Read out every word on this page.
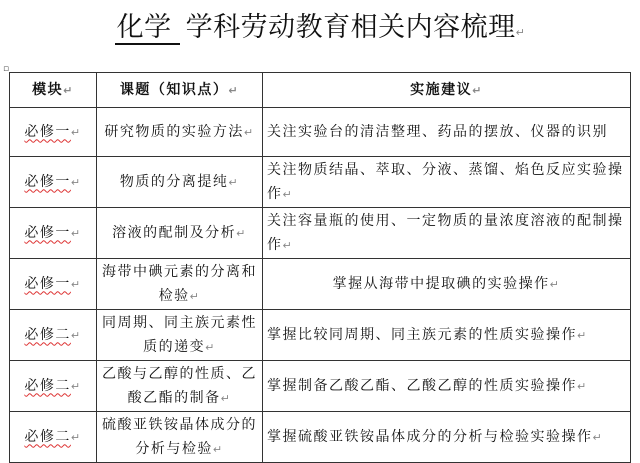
化学 学科劳动教育相关内容梳理↵
▫
模块↵	课题（知识点）↵	实施建议↵
必修一↵	研究物质的实验方法↵	关注实验台的清洁整理、药品的摆放、仪器的识别
必修一↵	物质的分离提纯↵	关注物质结晶、萃取、分液、蒸馏、焰色反应实验操作↵
必修一↵	溶液的配制及分析↵	关注容量瓶的使用、一定物质的量浓度溶液的配制操作↵
必修一↵	海带中碘元素的分离和检验↵	掌握从海带中提取碘的实验操作↵
必修二↵	同周期、同主族元素性质的递变↵	掌握比较同周期、同主族元素的性质实验操作↵
必修二↵	乙酸与乙醇的性质、乙酸乙酯的制备↵	掌握制备乙酸乙酯、乙酸乙醇的性质实验操作↵
必修二↵	硫酸亚铁铵晶体成分的分析与检验↵	掌握硫酸亚铁铵晶体成分的分析与检验实验操作↵
